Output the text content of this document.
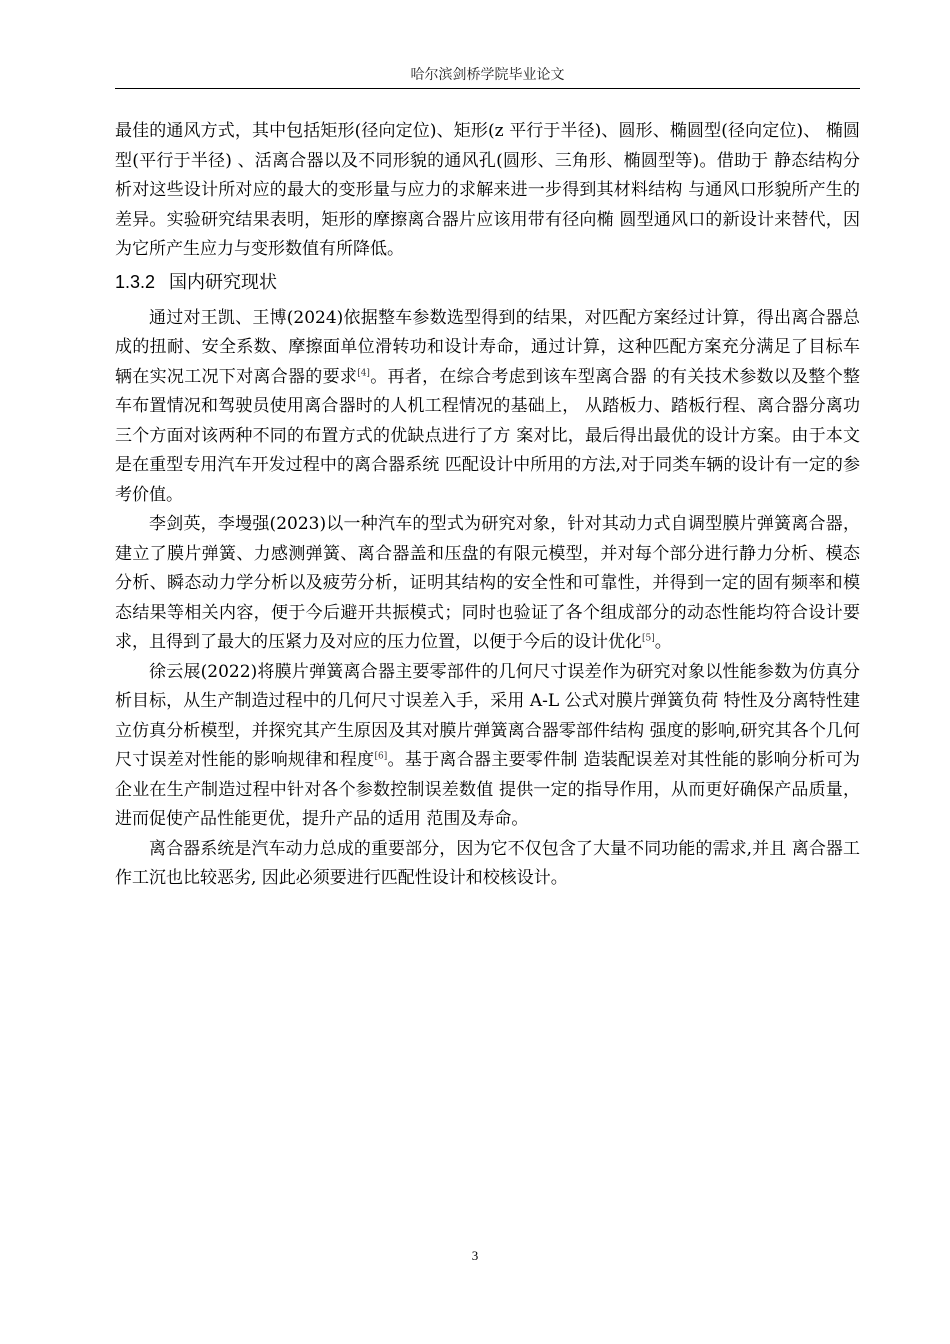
哈尔滨剑桥学院毕业论文

最佳的通风方式，其中包括矩形(径向定位)、矩形(z 平行于半径)、圆形、椭圆型(径向定位)、 椭圆型(平行于半径) 、活离合器以及不同形貌的通风孔(圆形、三角形、椭圆型等)。借助于 静态结构分析对这些设计所对应的最大的变形量与应力的求解来进一步得到其材料结构 与通风口形貌所产生的差异。实验研究结果表明，矩形的摩擦离合器片应该用带有径向椭 圆型通风口的新设计来替代，因为它所产生应力与变形数值有所降低。

1.3.2 国内研究现状

通过对王凯、王博(2024)依据整车参数选型得到的结果，对匹配方案经过计算，得出离合器总成的扭耐、安全系数、摩擦面单位滑转功和设计寿命，通过计算，这种匹配方案充分满足了目标车辆在实况工况下对离合器的要求[4]。再者，在综合考虑到该车型离合器 的有关技术参数以及整个整车布置情况和驾驶员使用离合器时的人机工程情况的基础上， 从踏板力、踏板行程、离合器分离功三个方面对该两种不同的布置方式的优缺点进行了方 案对比，最后得出最优的设计方案。由于本文是在重型专用汽车开发过程中的离合器系统 匹配设计中所用的方法,对于同类车辆的设计有一定的参考价值。

李剑英，李墁强(2023)以一种汽车的型式为研究对象，针对其动力式自调型膜片弹簧离合器，建立了膜片弹簧、力感测弹簧、离合器盖和压盘的有限元模型，并对每个部分进行静力分析、模态分析、瞬态动力学分析以及疲劳分析，证明其结构的安全性和可靠性，并得到一定的固有频率和模态结果等相关内容，便于今后避开共振模式；同时也验证了各个组成部分的动态性能均符合设计要求，且得到了最大的压紧力及对应的压力位置，以便于今后的设计优化[5]。

徐云展(2022)将膜片弹簧离合器主要零部件的几何尺寸误差作为研究对象以性能参数为仿真分析目标，从生产制造过程中的几何尺寸误差入手，采用 A-L 公式对膜片弹簧负荷 特性及分离特性建立仿真分析模型，并探究其产生原因及其对膜片弹簧离合器零部件结构 强度的影响,研究其各个几何尺寸误差对性能的影响规律和程度[6]。基于离合器主要零件制 造装配误差对其性能的影响分析可为企业在生产制造过程中针对各个参数控制误差数值 提供一定的指导作用，从而更好确保产品质量，进而促使产品性能更优，提升产品的适用 范围及寿命。

离合器系统是汽车动力总成的重要部分，因为它不仅包含了大量不同功能的需求,并且 离合器工作工沉也比较恶劣, 因此必须要进行匹配性设计和校核设计。

3
